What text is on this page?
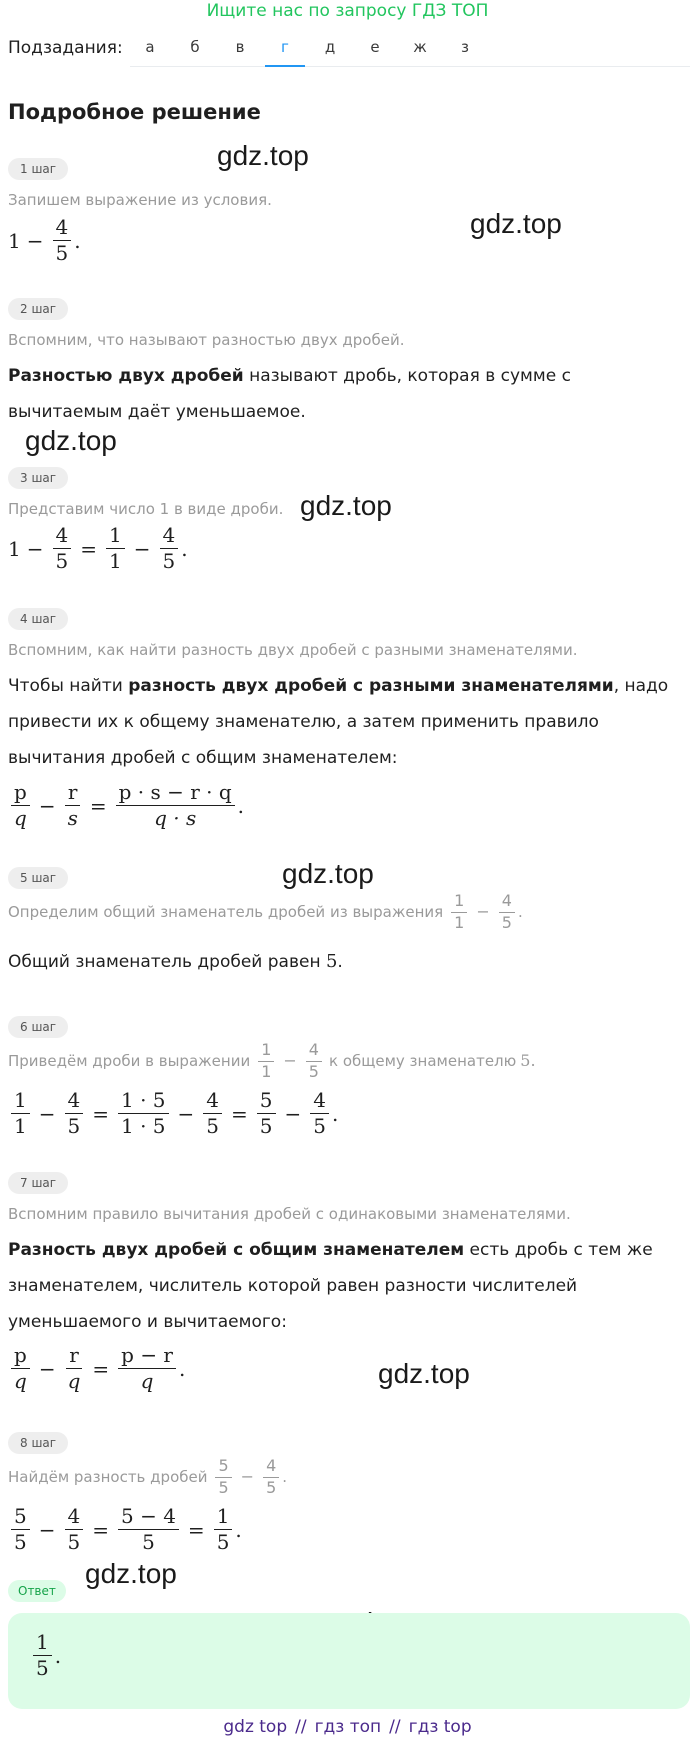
Ищите нас по запросу ГДЗ ТОП
Подзадания:	а	б	в	г	д	е	ж	з
Подробное решение
gdz.top
gdz.top
gdz.top
gdz.top
gdz.top
gdz.top
gdz.top
1 шаг
Запишем выражение из условия.
$1 - \frac{4}{5}$ .
2 шаг
Вспомним, что называют разностью двух дробей.
Разностью двух дробей называют дробь, которая в сумме с вычитаемым даёт уменьшаемое.
3 шаг
Представим число 1 в виде дроби.
$1 - \frac{4}{5} = \frac{1}{1} - \frac{4}{5}$ .
4 шаг
Вспомним, как найти разность двух дробей с разными знаменателями.
Чтобы найти разность двух дробей с разными знаменателями, надо привести их к общему знаменателю, а затем применить правило вычитания дробей с общим знаменателем:
$\frac{p}{q} - \frac{r}{s} = \frac{p \cdot s - r \cdot q}{q \cdot s}$ .
5 шаг
Определим общий знаменатель дробей из выражения $\frac{1}{1} - \frac{4}{5}$ .
Общий знаменатель дробей равен 5.
6 шаг
Приведём дроби в выражении $\frac{1}{1} - \frac{4}{5}$ к общему знаменателю 5.
$\frac{1}{1} - \frac{4}{5} = \frac{1 \cdot 5}{1 \cdot 5} - \frac{4}{5} = \frac{5}{5} - \frac{4}{5}$ .
7 шаг
Вспомним правило вычитания дробей с одинаковыми знаменателями.
Разность двух дробей с общим знаменателем есть дробь с тем же знаменателем, числитель которой равен разности числителей уменьшаемого и вычитаемого:
$\frac{p}{q} - \frac{r}{q} = \frac{p - r}{q}$ .
8 шаг
Найдём разность дробей $\frac{5}{5} - \frac{4}{5}$ .
$\frac{5}{5} - \frac{4}{5} = \frac{5 - 4}{5} = \frac{1}{5}$ .
Ответ
$\frac{1}{5}$ .
gdz top // гдз топ // гдз top
